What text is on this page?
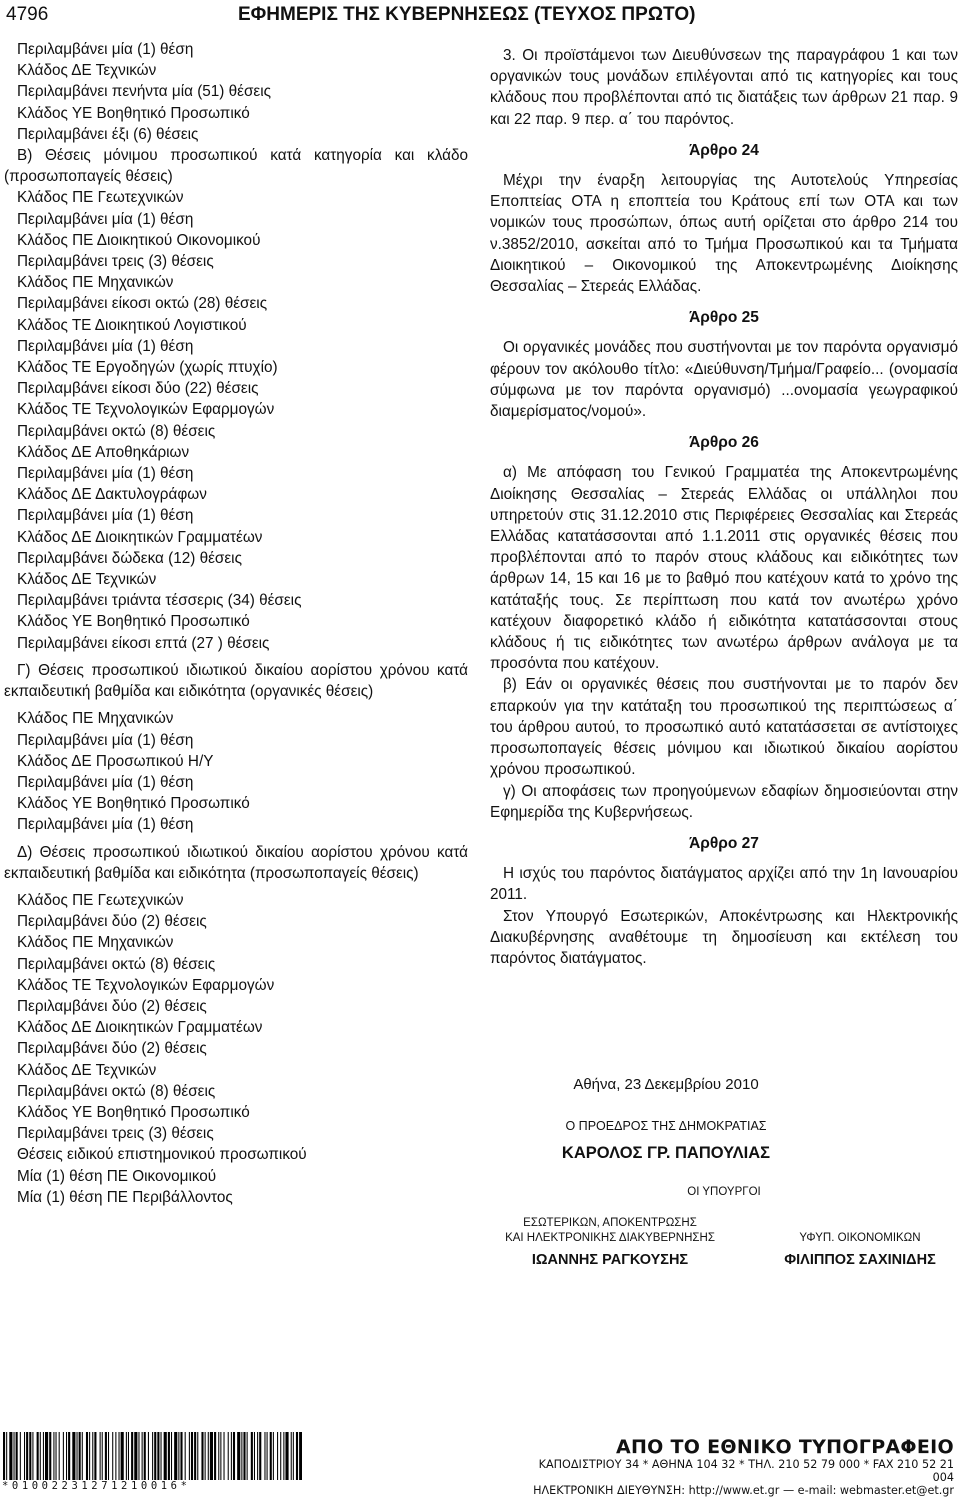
4796	ΕΦΗΜΕΡΙΣ ΤΗΣ ΚΥΒΕΡΝΗΣΕΩΣ (ΤΕΥΧΟΣ ΠΡΩΤΟ)
Περιλαμβάνει μία (1) θέση
Κλάδος ΔΕ Τεχνικών
Περιλαμβάνει πενήντα μία (51) θέσεις
Κλάδος ΥΕ Βοηθητικό Προσωπικό
Περιλαμβάνει έξι (6) θέσεις

Β) Θέσεις μόνιμου προσωπικού κατά κατηγορία και κλάδο (προσωποπαγείς θέσεις)

Κλάδος ΠΕ Γεωτεχνικών
Περιλαμβάνει μία (1) θέση
Κλάδος ΠΕ Διοικητικού Οικονομικού
Περιλαμβάνει τρεις (3) θέσεις
Κλάδος ΠΕ Μηχανικών
Περιλαμβάνει είκοσι οκτώ (28) θέσεις
Κλάδος ΤΕ Διοικητικού Λογιστικού
Περιλαμβάνει μία (1) θέση
Κλάδος ΤΕ Εργοδηγών (χωρίς πτυχίο)
Περιλαμβάνει είκοσι δύο (22) θέσεις
Κλάδος ΤΕ Τεχνολογικών Εφαρμογών
Περιλαμβάνει οκτώ (8) θέσεις
Κλάδος ΔΕ Αποθηκάριων
Περιλαμβάνει μία (1) θέση
Κλάδος ΔΕ Δακτυλογράφων
Περιλαμβάνει μία (1) θέση
Κλάδος ΔΕ Διοικητικών Γραμματέων
Περιλαμβάνει δώδεκα (12) θέσεις
Κλάδος ΔΕ Τεχνικών
Περιλαμβάνει τριάντα τέσσερις (34) θέσεις
Κλάδος ΥΕ Βοηθητικό Προσωπικό
Περιλαμβάνει είκοσι επτά (27 ) θέσεις

Γ) Θέσεις προσωπικού ιδιωτικού δικαίου αορίστου χρόνου κατά εκπαιδευτική βαθμίδα και ειδικότητα (οργανικές θέσεις)

Κλάδος ΠΕ Μηχανικών
Περιλαμβάνει μία (1) θέση
Κλάδος ΔΕ Προσωπικού Η/Υ
Περιλαμβάνει μία (1) θέση
Κλάδος ΥΕ Βοηθητικό Προσωπικό
Περιλαμβάνει μία (1) θέση

Δ) Θέσεις προσωπικού ιδιωτικού δικαίου αορίστου χρόνου κατά εκπαιδευτική βαθμίδα και ειδικότητα (προσωποπαγείς θέσεις)

Κλάδος ΠΕ Γεωτεχνικών
Περιλαμβάνει δύο (2) θέσεις
Κλάδος ΠΕ Μηχανικών
Περιλαμβάνει οκτώ (8) θέσεις
Κλάδος ΤΕ Τεχνολογικών Εφαρμογών
Περιλαμβάνει δύο (2) θέσεις
Κλάδος ΔΕ Διοικητικών Γραμματέων
Περιλαμβάνει δύο (2) θέσεις
Κλάδος ΔΕ Τεχνικών
Περιλαμβάνει οκτώ (8) θέσεις
Κλάδος ΥΕ Βοηθητικό Προσωπικό
Περιλαμβάνει τρεις (3) θέσεις
Θέσεις ειδικού επιστημονικού προσωπικού
Μία (1) θέση ΠΕ Οικονομικού
Μία (1) θέση ΠΕ Περιβάλλοντος

3. Οι προϊστάμενοι των Διευθύνσεων της παραγράφου 1 και των οργανικών τους μονάδων επιλέγονται από τις κατηγορίες και τους κλάδους που προβλέπονται από τις διατάξεις των άρθρων 21 παρ. 9 και 22 παρ. 9 περ. α΄ του παρόντος.

Άρθρο 24

Μέχρι την έναρξη λειτουργίας της Αυτοτελούς Υπηρεσίας Εποπτείας ΟΤΑ η εποπτεία του Κράτους επί των ΟΤΑ και των νομικών τους προσώπων, όπως αυτή ορίζεται στο άρθρο 214 του ν.3852/2010, ασκείται από το Τμήμα Προσωπικού και τα Τμήματα Διοικητικού – Οικονομικού της Αποκεντρωμένης Διοίκησης Θεσσαλίας – Στερεάς Ελλάδας.

Άρθρο 25

Οι οργανικές μονάδες που συστήνονται με τον παρόντα οργανισμό φέρουν τον ακόλουθο τίτλο: «Διεύθυνση/Τμήμα/Γραφείο... (ονομασία σύμφωνα με τον παρόντα οργανισμό) ...ονομασία γεωγραφικού διαμερίσματος/νομού».

Άρθρο 26

α) Με απόφαση του Γενικού Γραμματέα της Αποκεντρωμένης Διοίκησης Θεσσαλίας – Στερεάς Ελλάδας οι υπάλληλοι που υπηρετούν στις 31.12.2010 στις Περιφέρειες Θεσσαλίας και Στερεάς Ελλάδας κατατάσσονται από 1.1.2011 στις οργανικές θέσεις που προβλέπονται από το παρόν στους κλάδους και ειδικότητες των άρθρων 14, 15 και 16 με το βαθμό που κατέχουν κατά το χρόνο της κατάταξής τους. Σε περίπτωση που κατά τον ανωτέρω χρόνο κατέχουν διαφορετικό κλάδο ή ειδικότητα κατατάσσονται στους κλάδους ή τις ειδικότητες των ανωτέρω άρθρων ανάλογα με τα προσόντα που κατέχουν.

β) Εάν οι οργανικές θέσεις που συστήνονται με το παρόν δεν επαρκούν για την κατάταξη του προσωπικού της περιπτώσεως α΄ του άρθρου αυτού, το προσωπικό αυτό κατατάσσεται σε αντίστοιχες προσωποπαγείς θέσεις μόνιμου και ιδιωτικού δικαίου αορίστου χρόνου προσωπικού.

γ) Οι αποφάσεις των προηγούμενων εδαφίων δημοσιεύονται στην Εφημερίδα της Κυβερνήσεως.

Άρθρο 27

Η ισχύς του παρόντος διατάγματος αρχίζει από την 1η Ιανουαρίου 2011.

Στον Υπουργό Εσωτερικών, Αποκέντρωσης και Ηλεκτρονικής Διακυβέρνησης αναθέτουμε τη δημοσίευση και εκτέλεση του παρόντος διατάγματος.

Αθήνα, 23 Δεκεμβρίου 2010
Ο ΠΡΟΕΔΡΟΣ ΤΗΣ ΔΗΜΟΚΡΑΤΙΑΣ
ΚΑΡΟΛΟΣ ΓΡ. ΠΑΠΟΥΛΙΑΣ
ΟΙ ΥΠΟΥΡΓΟΙ
ΕΣΩΤΕΡΙΚΩΝ, ΑΠΟΚΕΝΤΡΩΣΗΣ
ΚΑΙ ΗΛΕΚΤΡΟΝΙΚΗΣ ΔΙΑΚΥΒΕΡΝΗΣΗΣ
ΙΩΑΝΝΗΣ ΡΑΓΚΟΥΣΗΣ
ΥΦΥΠ. ΟΙΚΟΝΟΜΙΚΩΝ
ΦΙΛΙΠΠΟΣ ΣΑΧΙΝΙΔΗΣ
*01002231271210016*
ΑΠΟ ΤΟ ΕΘΝΙΚΟ ΤΥΠΟΓΡΑΦΕΙΟ
ΚΑΠΟΔΙΣΤΡΙΟΥ 34 * ΑΘΗΝΑ 104 32 * ΤΗΛ. 210 52 79 000 * FAX 210 52 21 004
ΗΛΕΚΤΡΟΝΙΚΗ ΔΙΕΥΘΥΝΣΗ: http://www.et.gr — e-mail: webmaster.et@et.gr
